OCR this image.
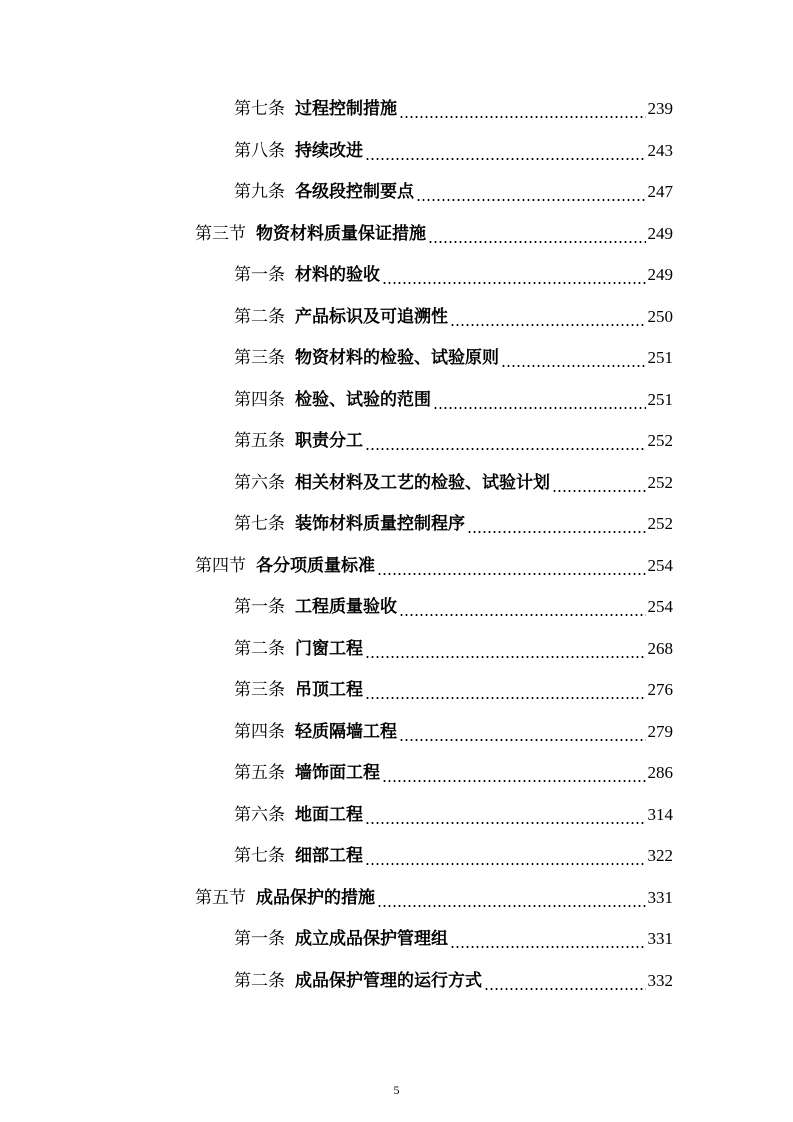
第七条 过程控制措施	239
第八条 持续改进	243
第九条 各级段控制要点	247
第三节 物资材料质量保证措施	249
第一条 材料的验收	249
第二条 产品标识及可追溯性	250
第三条 物资材料的检验、试验原则	251
第四条 检验、试验的范围	251
第五条 职责分工	252
第六条 相关材料及工艺的检验、试验计划	252
第七条 装饰材料质量控制程序	252
第四节 各分项质量标准	254
第一条 工程质量验收	254
第二条 门窗工程	268
第三条 吊顶工程	276
第四条 轻质隔墙工程	279
第五条 墙饰面工程	286
第六条 地面工程	314
第七条 细部工程	322
第五节 成品保护的措施	331
第一条 成立成品保护管理组	331
第二条 成品保护管理的运行方式	332
5
